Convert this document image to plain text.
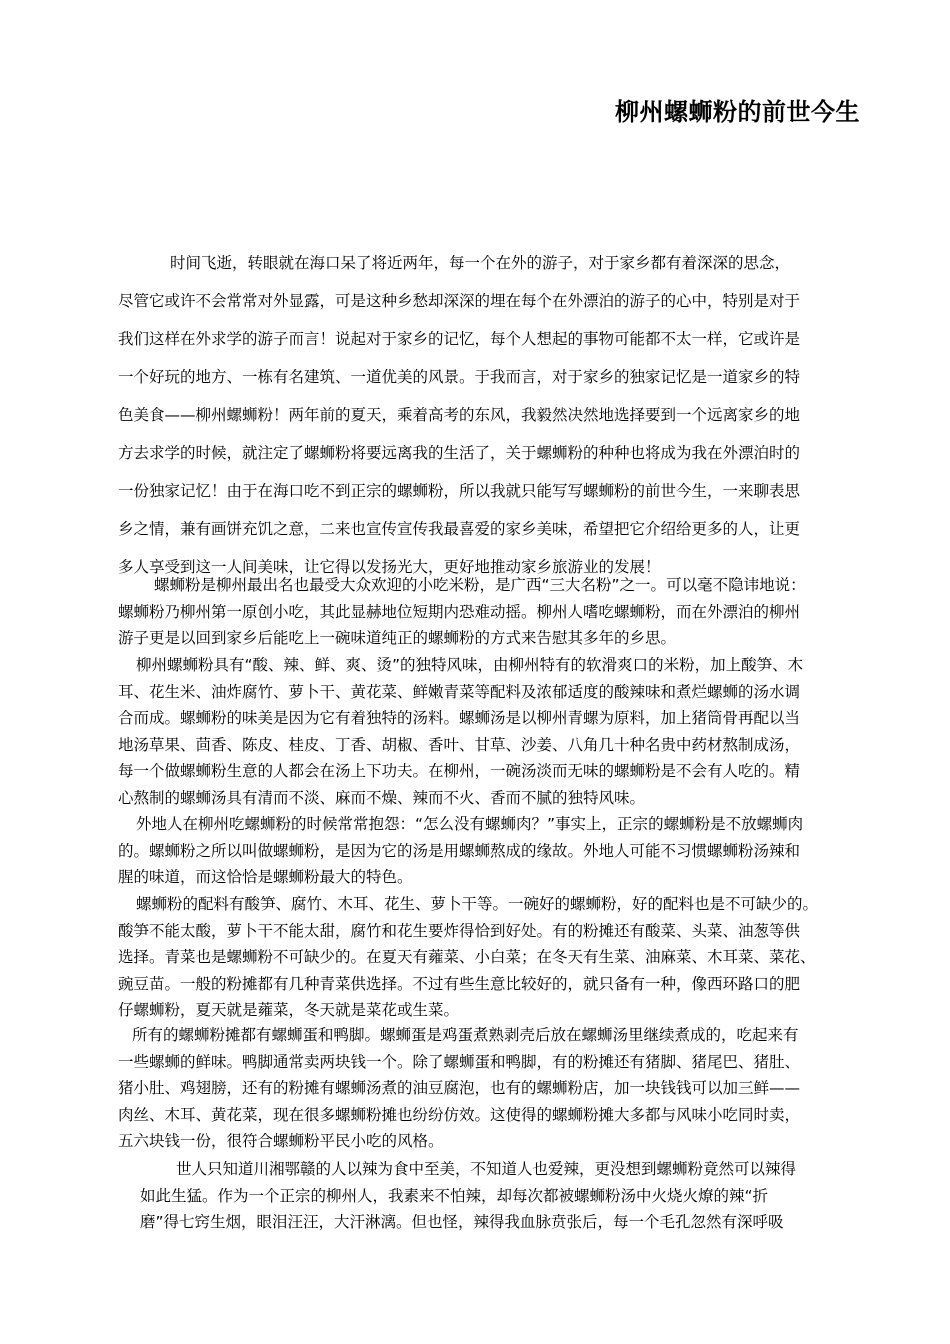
柳州螺蛳粉的前世今生
时间飞逝，转眼就在海口呆了将近两年，每一个在外的游子，对于家乡都有着深深的思念，
尽管它或许不会常常对外显露，可是这种乡愁却深深的埋在每个在外漂泊的游子的心中，特别是对于
我们这样在外求学的游子而言！说起对于家乡的记忆，每个人想起的事物可能都不太一样，它或许是
一个好玩的地方、一栋有名建筑、一道优美的风景。于我而言，对于家乡的独家记忆是一道家乡的特
色美食——柳州螺蛳粉！两年前的夏天，乘着高考的东风，我毅然决然地选择要到一个远离家乡的地
方去求学的时候，就注定了螺蛳粉将要远离我的生活了，关于螺蛳粉的种种也将成为我在外漂泊时的
一份独家记忆！由于在海口吃不到正宗的螺蛳粉，所以我就只能写写螺蛳粉的前世今生，一来聊表思
乡之情，兼有画饼充饥之意，二来也宣传宣传我最喜爱的家乡美味，希望把它介绍给更多的人，让更
多人享受到这一人间美味，让它得以发扬光大，更好地推动家乡旅游业的发展！
螺蛳粉是柳州最出名也最受大众欢迎的小吃米粉，是广西“三大名粉”之一。可以毫不隐讳地说：
螺蛳粉乃柳州第一原创小吃，其此显赫地位短期内恐难动摇。柳州人嗜吃螺蛳粉，而在外漂泊的柳州
游子更是以回到家乡后能吃上一碗味道纯正的螺蛳粉的方式来告慰其多年的乡思。
柳州螺蛳粉具有“酸、辣、鲜、爽、烫”的独特风味，由柳州特有的软滑爽口的米粉，加上酸笋、木
耳、花生米、油炸腐竹、萝卜干、黄花菜、鲜嫩青菜等配料及浓郁适度的酸辣味和煮烂螺蛳的汤水调
合而成。螺蛳粉的味美是因为它有着独特的汤料。螺蛳汤是以柳州青螺为原料，加上猪筒骨再配以当
地汤草果、茴香、陈皮、桂皮、丁香、胡椒、香叶、甘草、沙姜、八角几十种名贵中药材熬制成汤，
每一个做螺蛳粉生意的人都会在汤上下功夫。在柳州，一碗汤淡而无味的螺蛳粉是不会有人吃的。精
心熬制的螺蛳汤具有清而不淡、麻而不燥、辣而不火、香而不腻的独特风味。
外地人在柳州吃螺蛳粉的时候常常抱怨：“怎么没有螺蛳肉？”事实上，正宗的螺蛳粉是不放螺蛳肉
的。螺蛳粉之所以叫做螺蛳粉，是因为它的汤是用螺蛳熬成的缘故。外地人可能不习惯螺蛳粉汤辣和
腥的味道，而这恰恰是螺蛳粉最大的特色。
螺蛳粉的配料有酸笋、腐竹、木耳、花生、萝卜干等。一碗好的螺蛳粉，好的配料也是不可缺少的。
酸笋不能太酸，萝卜干不能太甜，腐竹和花生要炸得恰到好处。有的粉摊还有酸菜、头菜、油葱等供
选择。青菜也是螺蛳粉不可缺少的。在夏天有蕹菜、小白菜；在冬天有生菜、油麻菜、木耳菜、菜花、
豌豆苗。一般的粉摊都有几种青菜供选择。不过有些生意比较好的，就只备有一种，像西环路口的肥
仔螺蛳粉，夏天就是蕹菜，冬天就是菜花或生菜。
所有的螺蛳粉摊都有螺蛳蛋和鸭脚。螺蛳蛋是鸡蛋煮熟剥壳后放在螺蛳汤里继续煮成的，吃起来有
一些螺蛳的鲜味。鸭脚通常卖两块钱一个。除了螺蛳蛋和鸭脚，有的粉摊还有猪脚、猪尾巴、猪肚、
猪小肚、鸡翅膀，还有的粉摊有螺蛳汤煮的油豆腐泡，也有的螺蛳粉店，加一块钱钱可以加三鲜——
肉丝、木耳、黄花菜，现在很多螺蛳粉摊也纷纷仿效。这使得的螺蛳粉摊大多都与风味小吃同时卖，
五六块钱一份，很符合螺蛳粉平民小吃的风格。
世人只知道川湘鄂赣的人以辣为食中至美，不知道人也爱辣，更没想到螺蛳粉竟然可以辣得
如此生猛。作为一个正宗的柳州人，我素来不怕辣，却每次都被螺蛳粉汤中火烧火燎的辣“折
磨”得七窍生烟，眼泪汪汪，大汗淋漓。但也怪，辣得我血脉贲张后，每一个毛孔忽然有深呼吸
